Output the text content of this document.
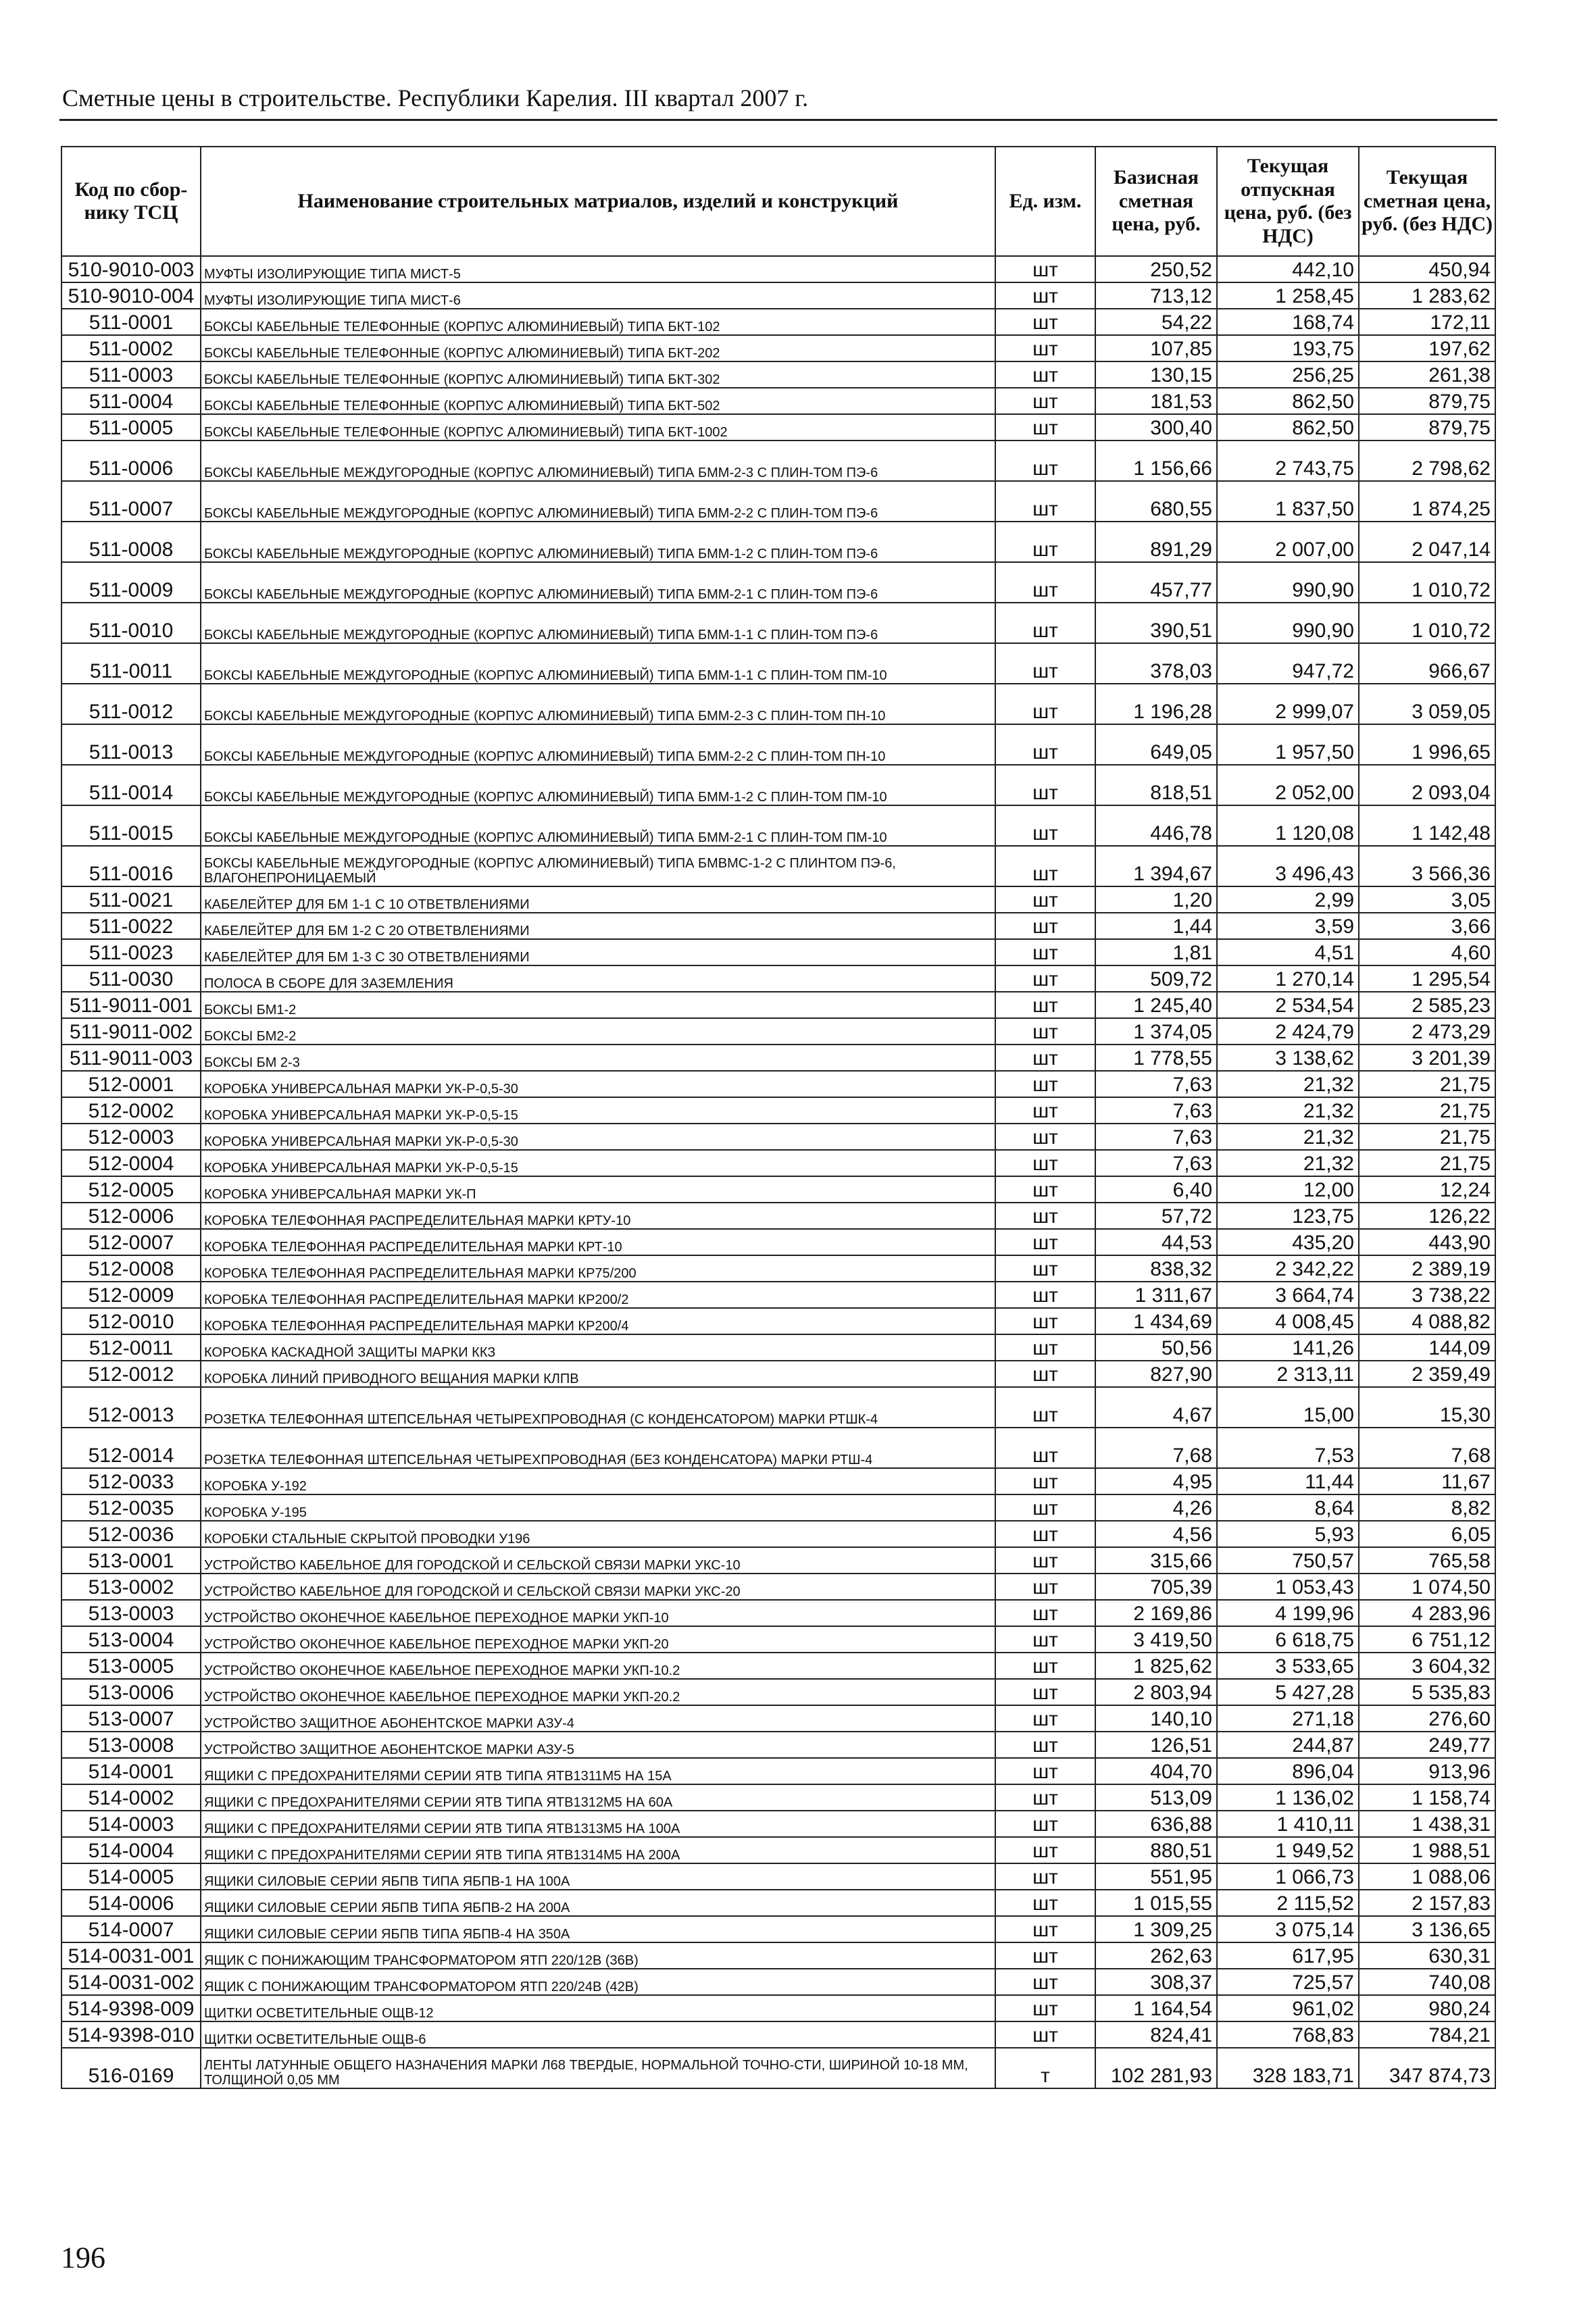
Сметные цены в строительстве. Республики Карелия. III квартал 2007 г.
Код по сбор-нику ТСЦ	Наименование строительных матриалов, изделий и конструкций	Ед. изм.	Базисная сметная цена, руб.	Текущая отпускная цена, руб. (без НДС)	Текущая сметная цена, руб. (без НДС)
510-9010-003	МУФТЫ ИЗОЛИРУЮЩИЕ ТИПА МИСТ-5	шт	250,52	442,10	450,94
510-9010-004	МУФТЫ ИЗОЛИРУЮЩИЕ ТИПА МИСТ-6	шт	713,12	1 258,45	1 283,62
511-0001	БОКСЫ КАБЕЛЬНЫЕ ТЕЛЕФОННЫЕ (КОРПУС АЛЮМИНИЕВЫЙ) ТИПА БКТ-102	шт	54,22	168,74	172,11
511-0002	БОКСЫ КАБЕЛЬНЫЕ ТЕЛЕФОННЫЕ (КОРПУС АЛЮМИНИЕВЫЙ) ТИПА БКТ-202	шт	107,85	193,75	197,62
511-0003	БОКСЫ КАБЕЛЬНЫЕ ТЕЛЕФОННЫЕ (КОРПУС АЛЮМИНИЕВЫЙ) ТИПА БКТ-302	шт	130,15	256,25	261,38
511-0004	БОКСЫ КАБЕЛЬНЫЕ ТЕЛЕФОННЫЕ (КОРПУС АЛЮМИНИЕВЫЙ) ТИПА БКТ-502	шт	181,53	862,50	879,75
511-0005	БОКСЫ КАБЕЛЬНЫЕ ТЕЛЕФОННЫЕ (КОРПУС АЛЮМИНИЕВЫЙ) ТИПА БКТ-1002	шт	300,40	862,50	879,75
511-0006	БОКСЫ КАБЕЛЬНЫЕ МЕЖДУГОРОДНЫЕ (КОРПУС АЛЮМИНИЕВЫЙ) ТИПА БММ-2-3 С ПЛИН-ТОМ ПЭ-6	шт	1 156,66	2 743,75	2 798,62
511-0007	БОКСЫ КАБЕЛЬНЫЕ МЕЖДУГОРОДНЫЕ (КОРПУС АЛЮМИНИЕВЫЙ) ТИПА БММ-2-2 С ПЛИН-ТОМ ПЭ-6	шт	680,55	1 837,50	1 874,25
511-0008	БОКСЫ КАБЕЛЬНЫЕ МЕЖДУГОРОДНЫЕ (КОРПУС АЛЮМИНИЕВЫЙ) ТИПА БММ-1-2 С ПЛИН-ТОМ ПЭ-6	шт	891,29	2 007,00	2 047,14
511-0009	БОКСЫ КАБЕЛЬНЫЕ МЕЖДУГОРОДНЫЕ (КОРПУС АЛЮМИНИЕВЫЙ) ТИПА БММ-2-1 С ПЛИН-ТОМ ПЭ-6	шт	457,77	990,90	1 010,72
511-0010	БОКСЫ КАБЕЛЬНЫЕ МЕЖДУГОРОДНЫЕ (КОРПУС АЛЮМИНИЕВЫЙ) ТИПА БММ-1-1 С ПЛИН-ТОМ ПЭ-6	шт	390,51	990,90	1 010,72
511-0011	БОКСЫ КАБЕЛЬНЫЕ МЕЖДУГОРОДНЫЕ (КОРПУС АЛЮМИНИЕВЫЙ) ТИПА БММ-1-1 С ПЛИН-ТОМ ПМ-10	шт	378,03	947,72	966,67
511-0012	БОКСЫ КАБЕЛЬНЫЕ МЕЖДУГОРОДНЫЕ (КОРПУС АЛЮМИНИЕВЫЙ) ТИПА БММ-2-3 С ПЛИН-ТОМ ПН-10	шт	1 196,28	2 999,07	3 059,05
511-0013	БОКСЫ КАБЕЛЬНЫЕ МЕЖДУГОРОДНЫЕ (КОРПУС АЛЮМИНИЕВЫЙ) ТИПА БММ-2-2 С ПЛИН-ТОМ ПН-10	шт	649,05	1 957,50	1 996,65
511-0014	БОКСЫ КАБЕЛЬНЫЕ МЕЖДУГОРОДНЫЕ (КОРПУС АЛЮМИНИЕВЫЙ) ТИПА БММ-1-2 С ПЛИН-ТОМ ПМ-10	шт	818,51	2 052,00	2 093,04
511-0015	БОКСЫ КАБЕЛЬНЫЕ МЕЖДУГОРОДНЫЕ (КОРПУС АЛЮМИНИЕВЫЙ) ТИПА БММ-2-1 С ПЛИН-ТОМ ПМ-10	шт	446,78	1 120,08	1 142,48
511-0016	БОКСЫ КАБЕЛЬНЫЕ МЕЖДУГОРОДНЫЕ (КОРПУС АЛЮМИНИЕВЫЙ) ТИПА БМВМС-1-2 С ПЛИНТОМ ПЭ-6, ВЛАГОНЕПРОНИЦАЕМЫЙ	шт	1 394,67	3 496,43	3 566,36
511-0021	КАБЕЛЕЙТЕР ДЛЯ БМ 1-1 С 10 ОТВЕТВЛЕНИЯМИ	шт	1,20	2,99	3,05
511-0022	КАБЕЛЕЙТЕР ДЛЯ БМ 1-2 С 20 ОТВЕТВЛЕНИЯМИ	шт	1,44	3,59	3,66
511-0023	КАБЕЛЕЙТЕР ДЛЯ БМ 1-3 С 30 ОТВЕТВЛЕНИЯМИ	шт	1,81	4,51	4,60
511-0030	ПОЛОСА В СБОРЕ ДЛЯ ЗАЗЕМЛЕНИЯ	шт	509,72	1 270,14	1 295,54
511-9011-001	БОКСЫ БМ1-2	шт	1 245,40	2 534,54	2 585,23
511-9011-002	БОКСЫ БМ2-2	шт	1 374,05	2 424,79	2 473,29
511-9011-003	БОКСЫ БМ 2-3	шт	1 778,55	3 138,62	3 201,39
512-0001	КОРОБКА УНИВЕРСАЛЬНАЯ МАРКИ УК-Р-0,5-30	шт	7,63	21,32	21,75
512-0002	КОРОБКА УНИВЕРСАЛЬНАЯ МАРКИ УК-Р-0,5-15	шт	7,63	21,32	21,75
512-0003	КОРОБКА УНИВЕРСАЛЬНАЯ МАРКИ УК-Р-0,5-30	шт	7,63	21,32	21,75
512-0004	КОРОБКА УНИВЕРСАЛЬНАЯ МАРКИ УК-Р-0,5-15	шт	7,63	21,32	21,75
512-0005	КОРОБКА УНИВЕРСАЛЬНАЯ МАРКИ УК-П	шт	6,40	12,00	12,24
512-0006	КОРОБКА ТЕЛЕФОННАЯ РАСПРЕДЕЛИТЕЛЬНАЯ МАРКИ КРТУ-10	шт	57,72	123,75	126,22
512-0007	КОРОБКА ТЕЛЕФОННАЯ РАСПРЕДЕЛИТЕЛЬНАЯ МАРКИ КРТ-10	шт	44,53	435,20	443,90
512-0008	КОРОБКА ТЕЛЕФОННАЯ РАСПРЕДЕЛИТЕЛЬНАЯ МАРКИ КР75/200	шт	838,32	2 342,22	2 389,19
512-0009	КОРОБКА ТЕЛЕФОННАЯ РАСПРЕДЕЛИТЕЛЬНАЯ МАРКИ КР200/2	шт	1 311,67	3 664,74	3 738,22
512-0010	КОРОБКА ТЕЛЕФОННАЯ РАСПРЕДЕЛИТЕЛЬНАЯ МАРКИ КР200/4	шт	1 434,69	4 008,45	4 088,82
512-0011	КОРОБКА КАСКАДНОЙ ЗАЩИТЫ МАРКИ ККЗ	шт	50,56	141,26	144,09
512-0012	КОРОБКА ЛИНИЙ ПРИВОДНОГО ВЕЩАНИЯ МАРКИ КЛПВ	шт	827,90	2 313,11	2 359,49
512-0013	РОЗЕТКА ТЕЛЕФОННАЯ ШТЕПСЕЛЬНАЯ ЧЕТЫРЕХПРОВОДНАЯ (С КОНДЕНСАТОРОМ) МАРКИ РТШК-4	шт	4,67	15,00	15,30
512-0014	РОЗЕТКА ТЕЛЕФОННАЯ ШТЕПСЕЛЬНАЯ ЧЕТЫРЕХПРОВОДНАЯ (БЕЗ КОНДЕНСАТОРА) МАРКИ РТШ-4	шт	7,68	7,53	7,68
512-0033	КОРОБКА У-192	шт	4,95	11,44	11,67
512-0035	КОРОБКА У-195	шт	4,26	8,64	8,82
512-0036	КОРОБКИ СТАЛЬНЫЕ СКРЫТОЙ ПРОВОДКИ У196	шт	4,56	5,93	6,05
513-0001	УСТРОЙСТВО КАБЕЛЬНОЕ ДЛЯ ГОРОДСКОЙ И СЕЛЬСКОЙ СВЯЗИ МАРКИ УКС-10	шт	315,66	750,57	765,58
513-0002	УСТРОЙСТВО КАБЕЛЬНОЕ ДЛЯ ГОРОДСКОЙ И СЕЛЬСКОЙ СВЯЗИ МАРКИ УКС-20	шт	705,39	1 053,43	1 074,50
513-0003	УСТРОЙСТВО ОКОНЕЧНОЕ КАБЕЛЬНОЕ ПЕРЕХОДНОЕ МАРКИ УКП-10	шт	2 169,86	4 199,96	4 283,96
513-0004	УСТРОЙСТВО ОКОНЕЧНОЕ КАБЕЛЬНОЕ ПЕРЕХОДНОЕ МАРКИ УКП-20	шт	3 419,50	6 618,75	6 751,12
513-0005	УСТРОЙСТВО ОКОНЕЧНОЕ КАБЕЛЬНОЕ ПЕРЕХОДНОЕ МАРКИ УКП-10.2	шт	1 825,62	3 533,65	3 604,32
513-0006	УСТРОЙСТВО ОКОНЕЧНОЕ КАБЕЛЬНОЕ ПЕРЕХОДНОЕ МАРКИ УКП-20.2	шт	2 803,94	5 427,28	5 535,83
513-0007	УСТРОЙСТВО ЗАЩИТНОЕ АБОНЕНТСКОЕ МАРКИ АЗУ-4	шт	140,10	271,18	276,60
513-0008	УСТРОЙСТВО ЗАЩИТНОЕ АБОНЕНТСКОЕ МАРКИ АЗУ-5	шт	126,51	244,87	249,77
514-0001	ЯЩИКИ С ПРЕДОХРАНИТЕЛЯМИ СЕРИИ ЯТВ ТИПА ЯТВ1311М5 НА 15А	шт	404,70	896,04	913,96
514-0002	ЯЩИКИ С ПРЕДОХРАНИТЕЛЯМИ СЕРИИ ЯТВ ТИПА ЯТВ1312М5 НА 60А	шт	513,09	1 136,02	1 158,74
514-0003	ЯЩИКИ С ПРЕДОХРАНИТЕЛЯМИ СЕРИИ ЯТВ ТИПА ЯТВ1313М5 НА 100А	шт	636,88	1 410,11	1 438,31
514-0004	ЯЩИКИ С ПРЕДОХРАНИТЕЛЯМИ СЕРИИ ЯТВ ТИПА ЯТВ1314М5 НА 200А	шт	880,51	1 949,52	1 988,51
514-0005	ЯЩИКИ СИЛОВЫЕ СЕРИИ ЯБПВ ТИПА ЯБПВ-1 НА 100А	шт	551,95	1 066,73	1 088,06
514-0006	ЯЩИКИ СИЛОВЫЕ СЕРИИ ЯБПВ ТИПА ЯБПВ-2 НА 200А	шт	1 015,55	2 115,52	2 157,83
514-0007	ЯЩИКИ СИЛОВЫЕ СЕРИИ ЯБПВ ТИПА ЯБПВ-4 НА 350А	шт	1 309,25	3 075,14	3 136,65
514-0031-001	ЯЩИК С ПОНИЖАЮЩИМ ТРАНСФОРМАТОРОМ ЯТП 220/12В (36В)	шт	262,63	617,95	630,31
514-0031-002	ЯЩИК С ПОНИЖАЮЩИМ ТРАНСФОРМАТОРОМ ЯТП 220/24В (42В)	шт	308,37	725,57	740,08
514-9398-009	ЩИТКИ ОСВЕТИТЕЛЬНЫЕ ОЩВ-12	шт	1 164,54	961,02	980,24
514-9398-010	ЩИТКИ ОСВЕТИТЕЛЬНЫЕ ОЩВ-6	шт	824,41	768,83	784,21
516-0169	ЛЕНТЫ ЛАТУННЫЕ ОБЩЕГО НАЗНАЧЕНИЯ МАРКИ Л68 ТВЕРДЫЕ, НОРМАЛЬНОЙ ТОЧНО-СТИ, ШИРИНОЙ 10-18 ММ, ТОЛЩИНОЙ 0,05 ММ	т	102 281,93	328 183,71	347 874,73
196
